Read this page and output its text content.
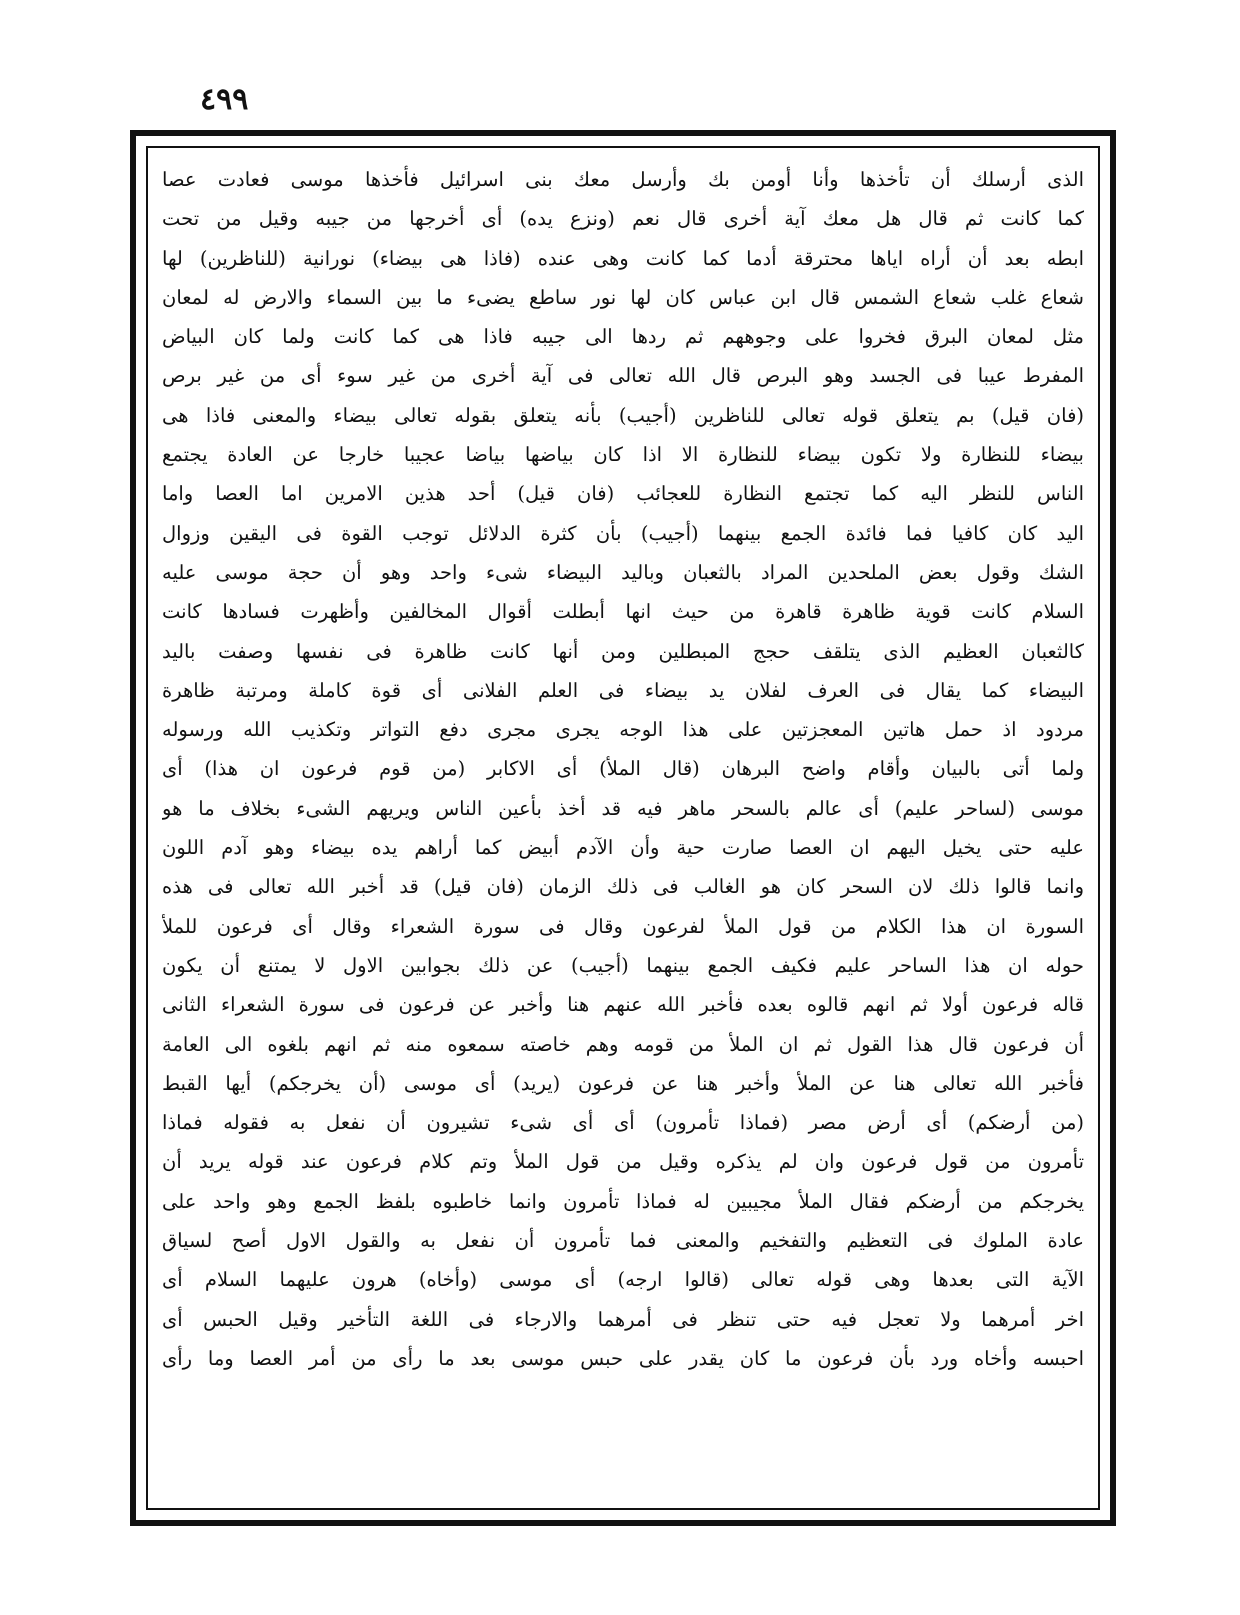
٤٩٩
الذى أرسلك أن تأخذها وأنا أومن بك وأرسل معك بنى اسرائيل فأخذها موسى فعادت عصا
كما كانت ثم قال هل معك آية أخرى قال نعم (ونزع يده) أى أخرجها من جيبه وقيل من تحت
ابطه بعد أن أراه اياها محترقة أدما كما كانت وهى عنده (فاذا هى بيضاء) نورانية (للناظرين) لها
شعاع غلب شعاع الشمس قال ابن عباس كان لها نور ساطع يضىء ما بين السماء والارض له لمعان
مثل لمعان البرق فخروا على وجوههم ثم ردها الى جيبه فاذا هى كما كانت ولما كان البياض
المفرط عيبا فى الجسد وهو البرص قال الله تعالى فى آية أخرى من غير سوء أى من غير برص
(فان قيل) بم يتعلق قوله تعالى للناظرين (أجيب) بأنه يتعلق بقوله تعالى بيضاء والمعنى فاذا هى
بيضاء للنظارة ولا تكون بيضاء للنظارة الا اذا كان بياضها بياضا عجيبا خارجا عن العادة يجتمع
الناس للنظر اليه كما تجتمع النظارة للعجائب (فان قيل) أحد هذين الامرين اما العصا واما
اليد كان كافيا فما فائدة الجمع بينهما (أجيب) بأن كثرة الدلائل توجب القوة فى اليقين وزوال
الشك وقول بعض الملحدين المراد بالثعبان وباليد البيضاء شىء واحد وهو أن حجة موسى عليه
السلام كانت قوية ظاهرة قاهرة من حيث انها أبطلت أقوال المخالفين وأظهرت فسادها كانت
كالثعبان العظيم الذى يتلقف حجج المبطلين ومن أنها كانت ظاهرة فى نفسها وصفت باليد
البيضاء كما يقال فى العرف لفلان يد بيضاء فى العلم الفلانى أى قوة كاملة ومرتبة ظاهرة
مردود اذ حمل هاتين المعجزتين على هذا الوجه يجرى مجرى دفع التواتر وتكذيب الله ورسوله
ولما أتى بالبيان وأقام واضح البرهان (قال الملأ) أى الاكابر (من قوم فرعون ان هذا) أى
موسى (لساحر عليم) أى عالم بالسحر ماهر فيه قد أخذ بأعين الناس ويريهم الشىء بخلاف ما هو
عليه حتى يخيل اليهم ان العصا صارت حية وأن الآدم أبيض كما أراهم يده بيضاء وهو آدم اللون
وانما قالوا ذلك لان السحر كان هو الغالب فى ذلك الزمان (فان قيل) قد أخبر الله تعالى فى هذه
السورة ان هذا الكلام من قول الملأ لفرعون وقال فى سورة الشعراء وقال أى فرعون للملأ
حوله ان هذا الساحر عليم فكيف الجمع بينهما (أجيب) عن ذلك بجوابين الاول لا يمتنع أن يكون
قاله فرعون أولا ثم انهم قالوه بعده فأخبر الله عنهم هنا وأخبر عن فرعون فى سورة الشعراء الثانى
أن فرعون قال هذا القول ثم ان الملأ من قومه وهم خاصته سمعوه منه ثم انهم بلغوه الى العامة
فأخبر الله تعالى هنا عن الملأ وأخبر هنا عن فرعون (يريد) أى موسى (أن يخرجكم) أيها القبط
(من أرضكم) أى أرض مصر (فماذا تأمرون) أى أى شىء تشيرون أن نفعل به فقوله فماذا
تأمرون من قول فرعون وان لم يذكره وقيل من قول الملأ وتم كلام فرعون عند قوله يريد أن
يخرجكم من أرضكم فقال الملأ مجيبين له فماذا تأمرون وانما خاطبوه بلفظ الجمع وهو واحد على
عادة الملوك فى التعظيم والتفخيم والمعنى فما تأمرون أن نفعل به والقول الاول أصح لسياق
الآية التى بعدها وهى قوله تعالى (قالوا ارجه) أى موسى (وأخاه) هرون عليهما السلام أى
اخر أمرهما ولا تعجل فيه حتى تنظر فى أمرهما والارجاء فى اللغة التأخير وقيل الحبس أى
احبسه وأخاه ورد بأن فرعون ما كان يقدر على حبس موسى بعد ما رأى من أمر العصا وما رأى
